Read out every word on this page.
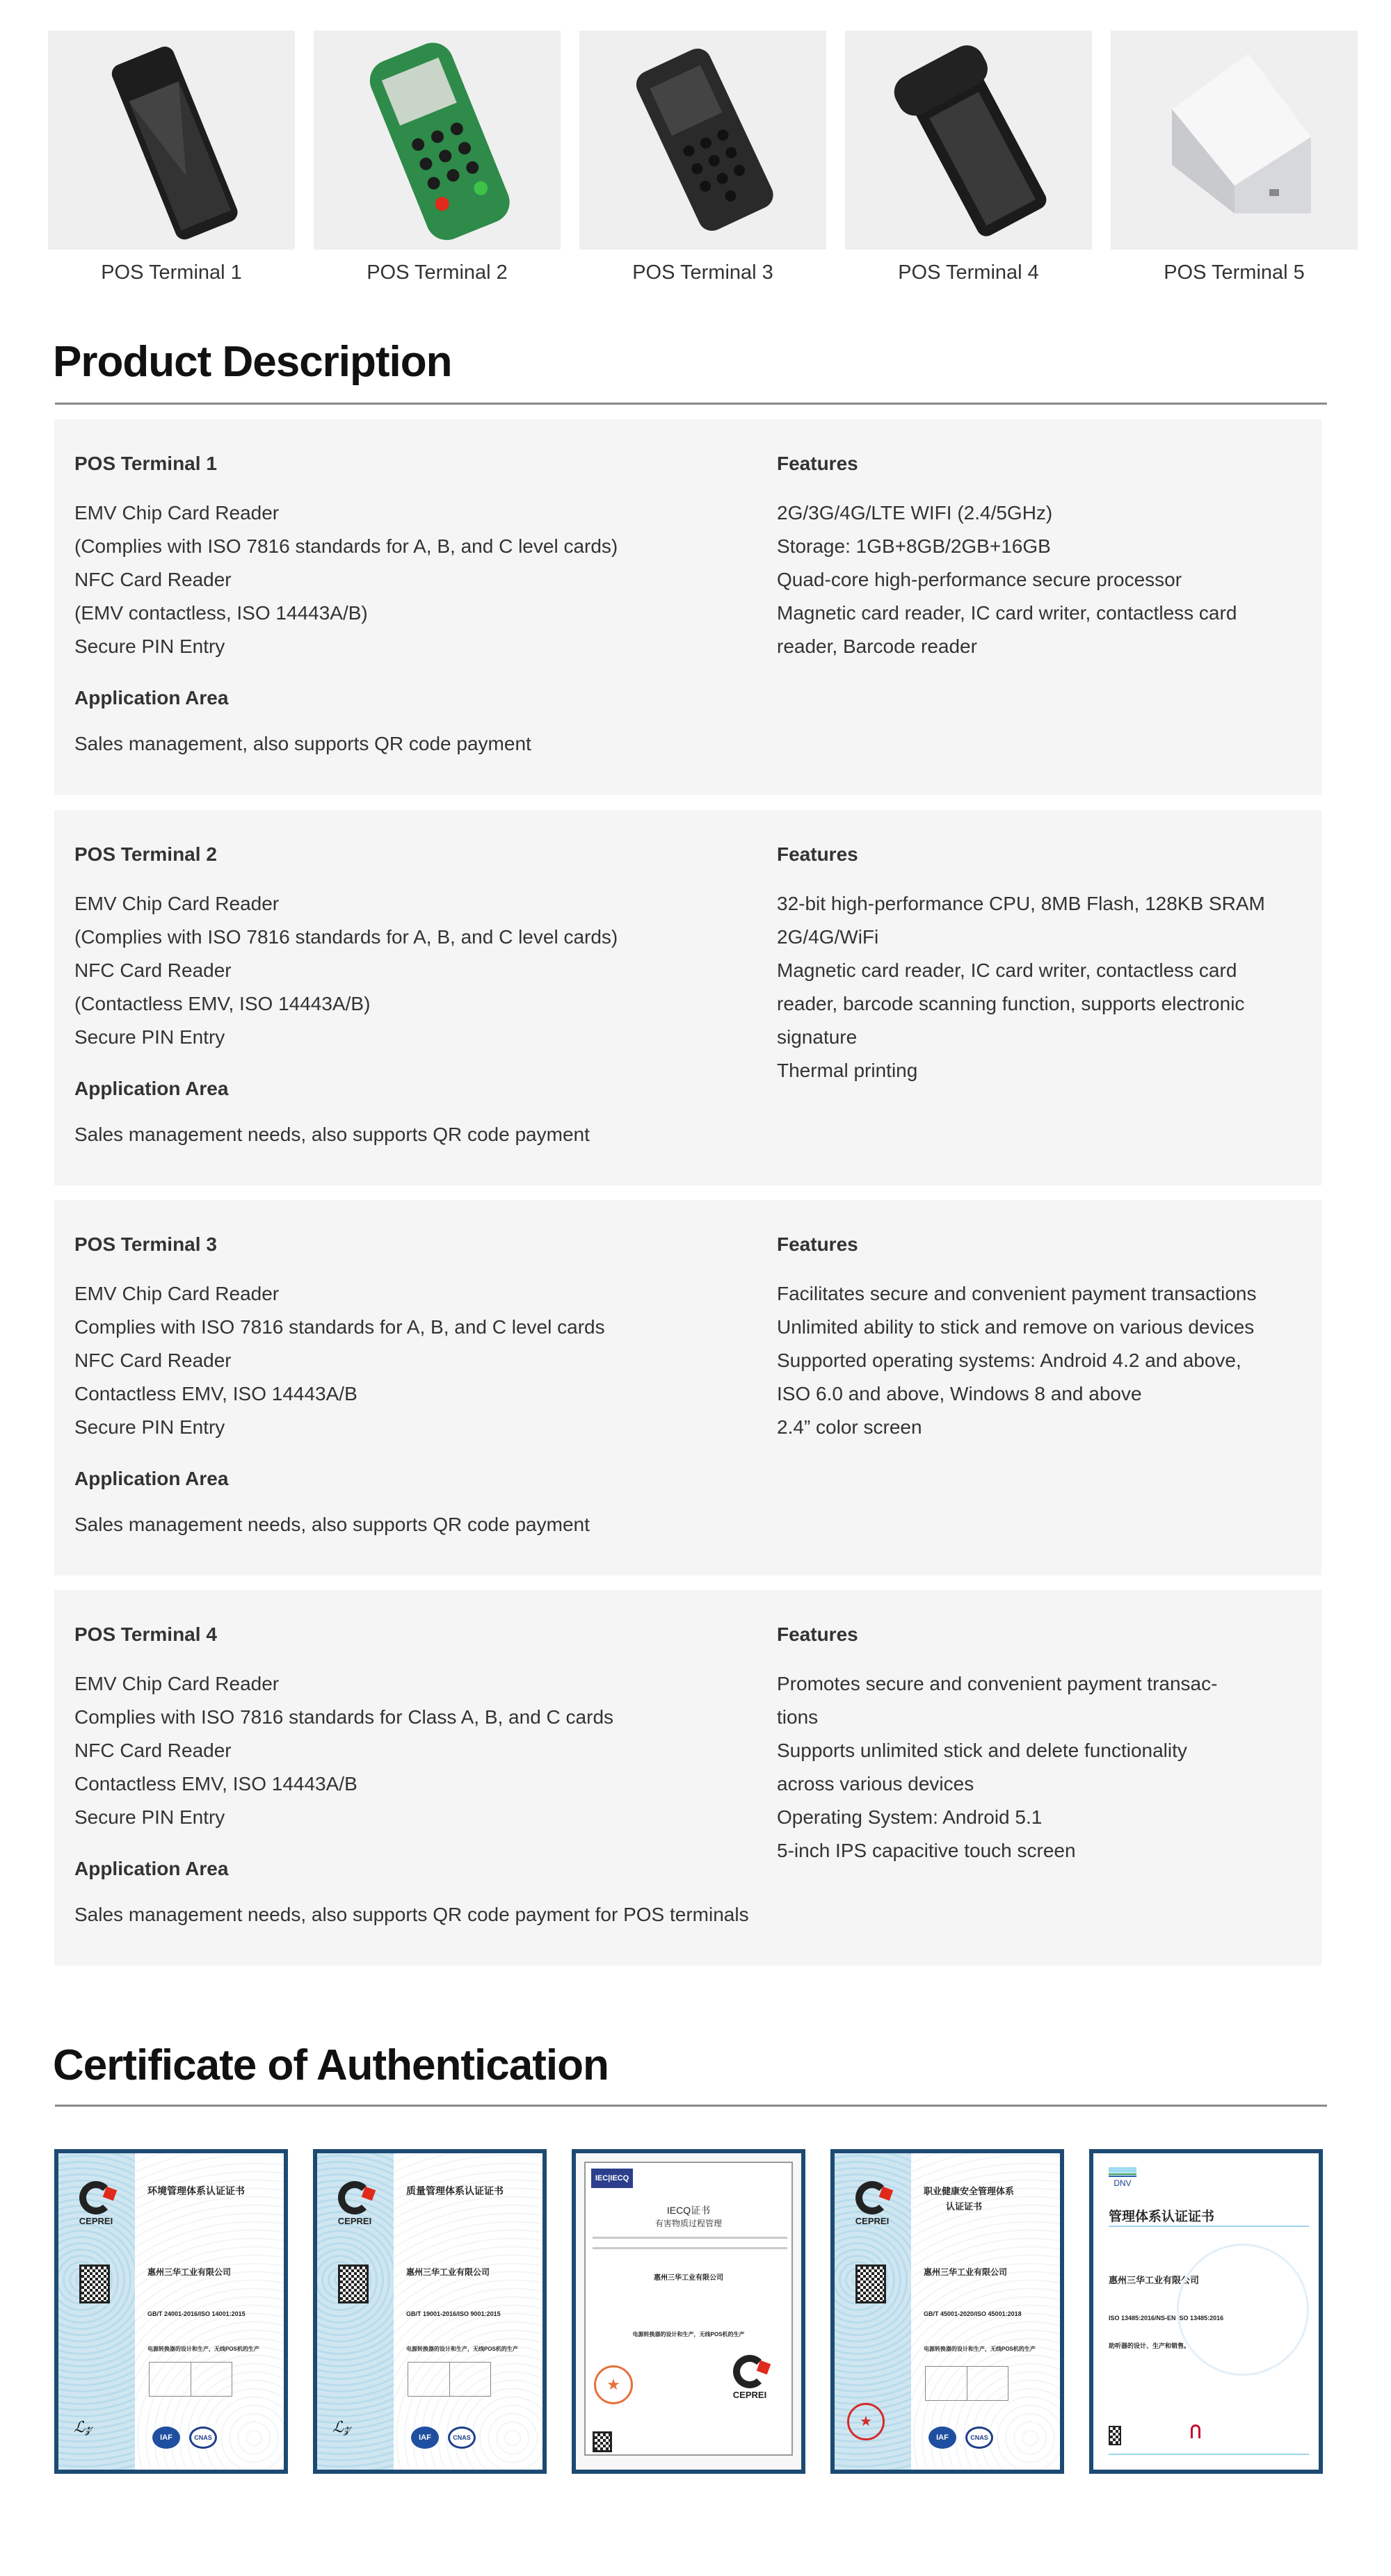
POS Terminal 1	POS Terminal 2	POS Terminal 3	POS Terminal 4	POS Terminal 5
Product Description
POS Terminal 1
EMV Chip Card Reader
(Complies with ISO 7816 standards for A, B, and C level cards)
NFC Card Reader
(EMV contactless, ISO 14443A/B)
Secure PIN Entry
Application Area
Sales management, also supports QR code payment
Features
2G/3G/4G/LTE WIFI (2.4/5GHz)
Storage: 1GB+8GB/2GB+16GB
Quad-core high-performance secure processor
Magnetic card reader, IC card writer, contactless card
reader, Barcode reader
POS Terminal 2
EMV Chip Card Reader
(Complies with ISO 7816 standards for A, B, and C level cards)
NFC Card Reader
(Contactless EMV, ISO 14443A/B)
Secure PIN Entry
Application Area
Sales management needs, also supports QR code payment
Features
32-bit high-performance CPU, 8MB Flash, 128KB SRAM
2G/4G/WiFi
Magnetic card reader, IC card writer, contactless card
reader, barcode scanning function, supports electronic
signature
Thermal printing
POS Terminal 3
EMV Chip Card Reader
Complies with ISO 7816 standards for A, B, and C level cards
NFC Card Reader
Contactless EMV, ISO 14443A/B
Secure PIN Entry
Application Area
Sales management needs, also supports QR code payment
Features
Facilitates secure and convenient payment transactions
Unlimited ability to stick and remove on various devices
Supported operating systems: Android 4.2 and above,
ISO 6.0 and above, Windows 8 and above
2.4” color screen
POS Terminal 4
EMV Chip Card Reader
Complies with ISO 7816 standards for Class A, B, and C cards
NFC Card Reader
Contactless EMV, ISO 14443A/B
Secure PIN Entry
Application Area
Sales management needs, also supports QR code payment for POS terminals
Features
Promotes secure and convenient payment transac-
tions
Supports unlimited stick and delete functionality
across various devices
Operating System: Android 5.1
5-inch IPS capacitive touch screen
Certificate of Authentication
CEPREI
环境管理体系认证证书
惠州三华工业有限公司
GB/T 24001-2016/ISO 14001:2015
电源转换器的设计和生产，无线POS机的生产
ℒ𝓏
IAF	CNAS
CEPREI
质量管理体系认证证书
惠州三华工业有限公司
GB/T 19001-2016/ISO 9001:2015
电源转换器的设计和生产，无线POS机的生产
ℒ𝓏
IAF	CNAS
IEC|IECQ
IECQ证书
有害物质过程管理
惠州三华工业有限公司
电源转换器的设计和生产，无线POS机的生产
★
CEPREI
CEPREI
职业健康安全管理体系
认证证书
惠州三华工业有限公司
GB/T 45001-2020/ISO 45001:2018
电源转换器的设计和生产，无线POS机的生产
★
IAF	CNAS
DNV
管理体系认证证书
惠州三华工业有限公司
ISO 13485:2016/NS-EN ISO 13485:2016
助听器的设计、生产和销售。
